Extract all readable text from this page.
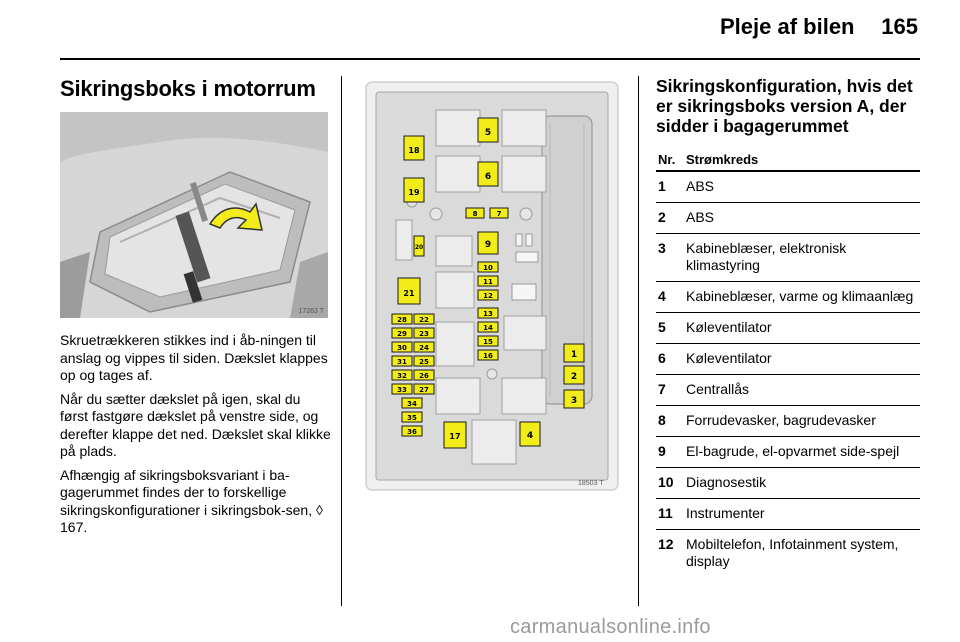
Pleje af bilen 165
Sikringsboks i motorrum
17263 T

Skruetrækkeren stikkes ind i åb-ningen til anslag og vippes til siden. Dækslet klappes op og tages af.

Når du sætter dækslet på igen, skal du først fastgøre dækslet på venstre side, og derefter klappe det ned. Dækslet skal klikke på plads.

Afhængig af sikringsboksvariant i ba-gagerummet findes der to forskellige sikringskonfigurationer i sikringsbok-sen, ◊ 167.

5
6
18
19
8	7
9
20
10
11
12
13
14
15
16
21
28 22
29 23
30 24
31 25
32 26
33 27
34
35
36	17	4
1
2
3
18503 T
Sikringskonfiguration, hvis det er sikringsboks version A, der sidder i bagagerummet
Nr. Strømkreds
1 ABS
2 ABS
3 Kabineblæser, elektronisk klimastyring
4 Kabineblæser, varme og klimaanlæg
5 Køleventilator
6 Køleventilator
7 Centrallås
8 Forrudevasker, bagrudevasker
9 El-bagrude, el-opvarmet side-spejl
10 Diagnosestik
11 Instrumenter
12 Mobiltelefon, Infotainment system, display
carmanualsonline.info
